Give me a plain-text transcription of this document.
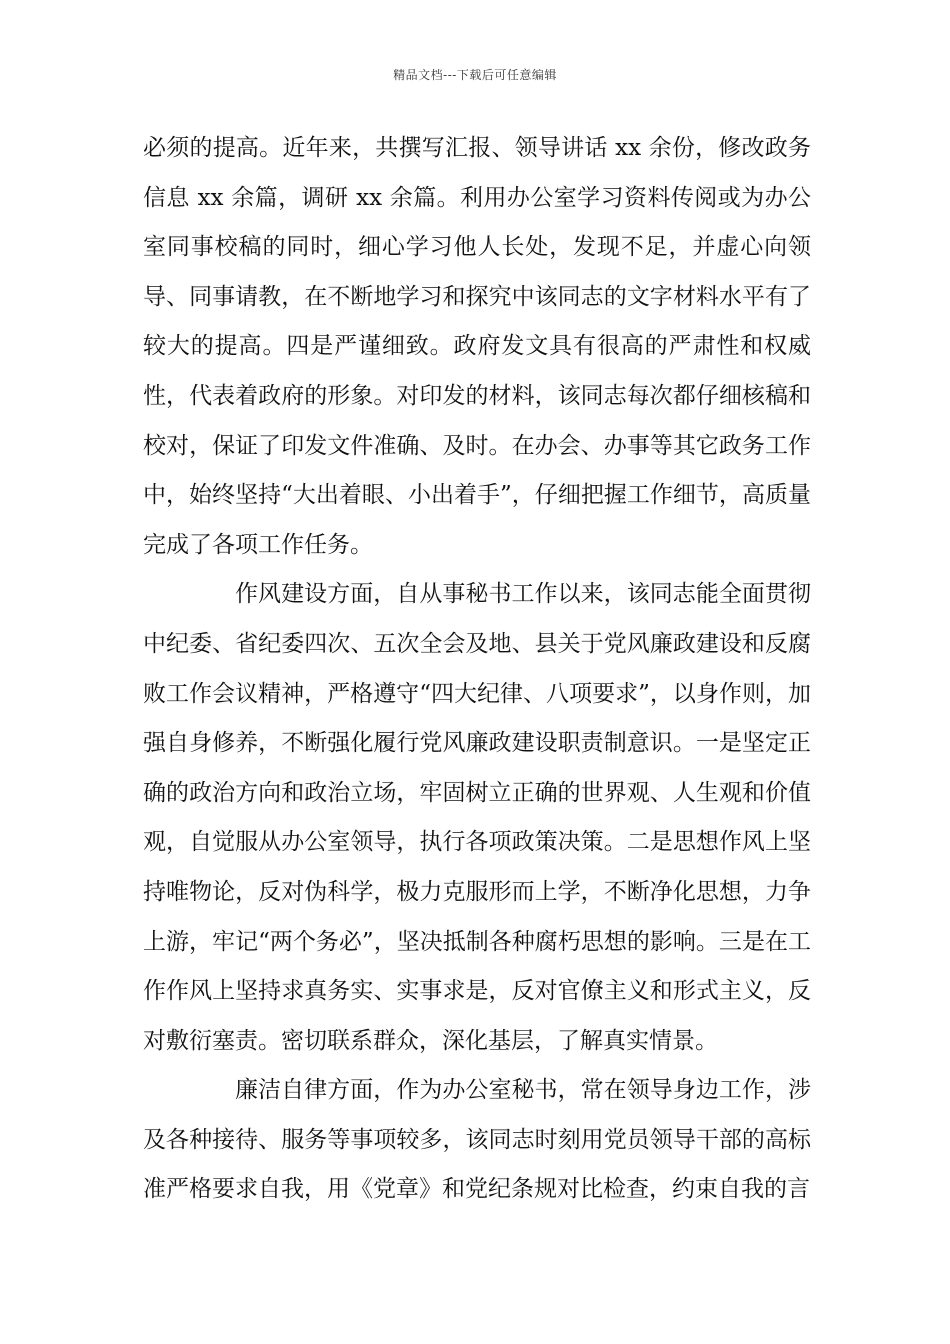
精品文档---下载后可任意编辑

必须的提高。近年来，共撰写汇报、领导讲话 xx 余份，修改政务信息 xx 余篇，调研 xx 余篇。利用办公室学习资料传阅或为办公室同事校稿的同时，细心学习他人长处，发现不足，并虚心向领导、同事请教，在不断地学习和探究中该同志的文字材料水平有了较大的提高。四是严谨细致。政府发文具有很高的严肃性和权威性，代表着政府的形象。对印发的材料，该同志每次都仔细核稿和校对，保证了印发文件准确、及时。在办会、办事等其它政务工作中，始终坚持“大出着眼、小出着手”，仔细把握工作细节，高质量完成了各项工作任务。

作风建设方面，自从事秘书工作以来，该同志能全面贯彻中纪委、省纪委四次、五次全会及地、县关于党风廉政建设和反腐败工作会议精神，严格遵守“四大纪律、八项要求”，以身作则，加强自身修养，不断强化履行党风廉政建设职责制意识。一是坚定正确的政治方向和政治立场，牢固树立正确的世界观、人生观和价值观，自觉服从办公室领导，执行各项政策决策。二是思想作风上坚持唯物论，反对伪科学，极力克服形而上学，不断净化思想，力争上游，牢记“两个务必”，坚决抵制各种腐朽思想的影响。三是在工作作风上坚持求真务实、实事求是，反对官僚主义和形式主义，反对敷衍塞责。密切联系群众，深化基层，了解真实情景。

廉洁自律方面，作为办公室秘书，常在领导身边工作，涉及各种接待、服务等事项较多，该同志时刻用党员领导干部的高标准严格要求自我，用《党章》和党纪条规对比检查，约束自我的言
